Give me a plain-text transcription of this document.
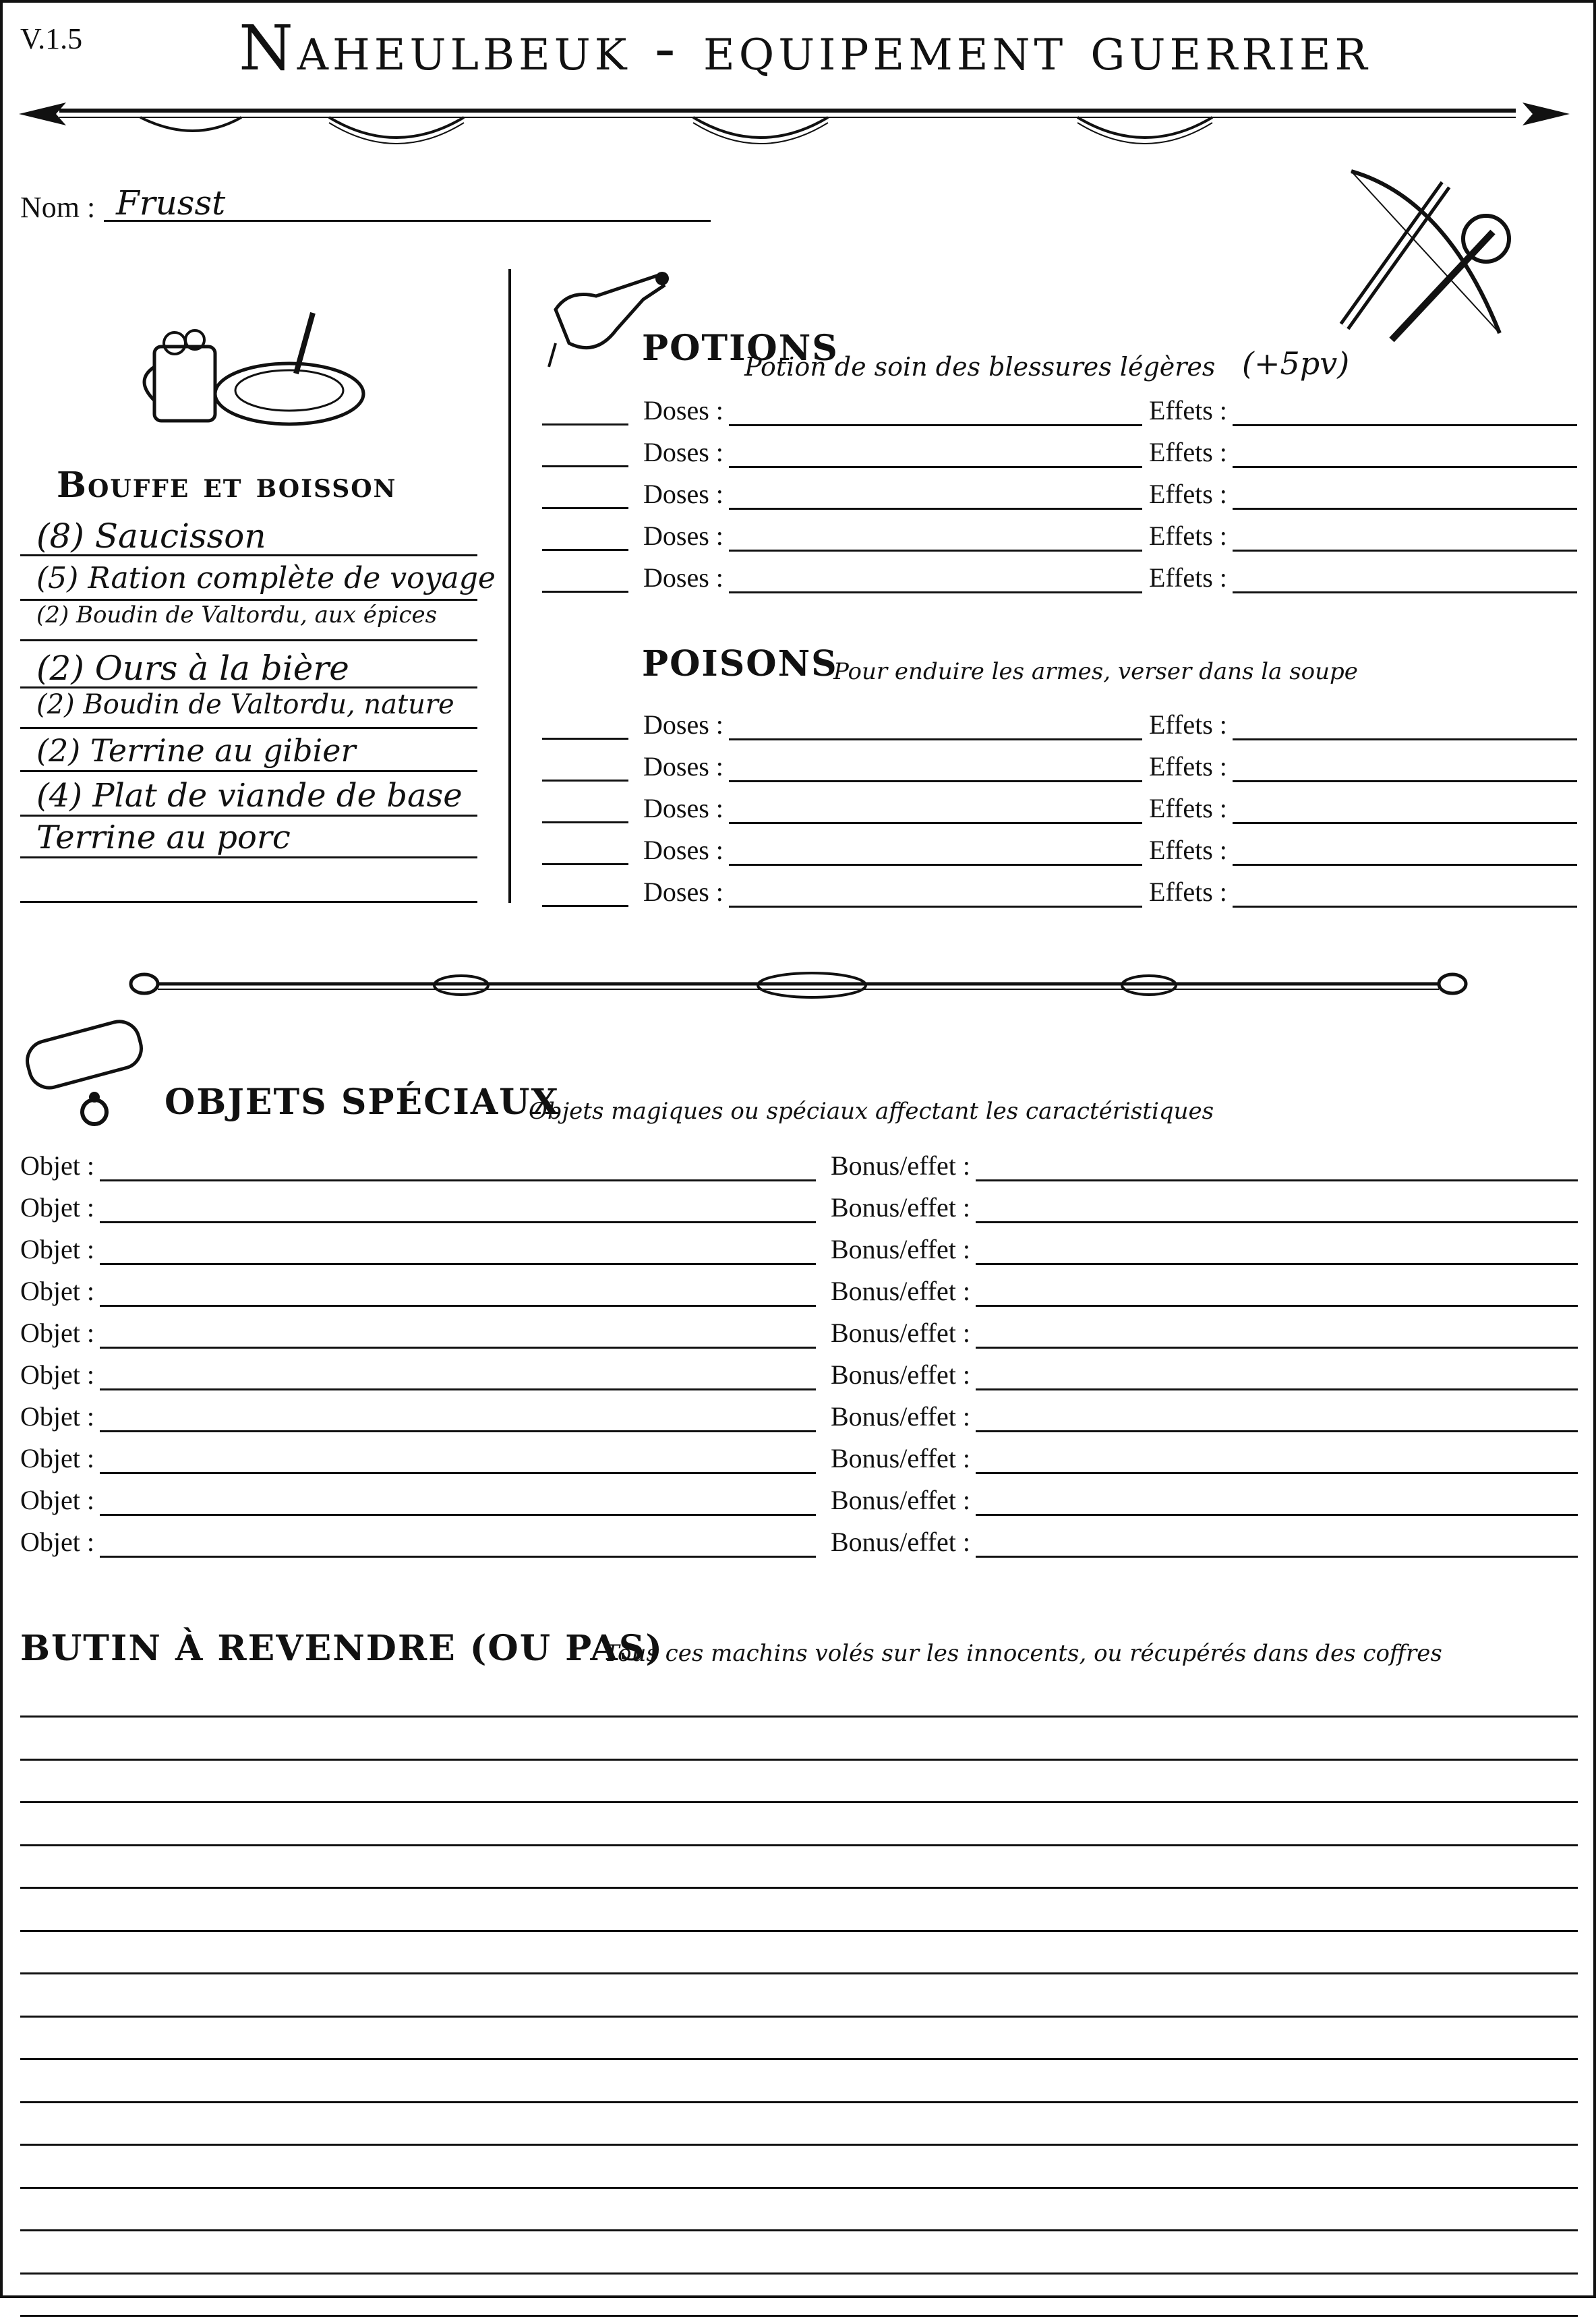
V.1.5	Naheulbeuk - equipement guerrier
Nom : Frusst
Bouffe et boisson
(8) Saucisson
(5) Ration complète de voyage
(2) Boudin de Valtordu, aux épices
(2) Ours à la bière
(2) Boudin de Valtordu, nature
(2) Terrine au gibier
(4) Plat de viande de base
Terrine au porc
POTIONS
Potion de soin des blessures légères (+5pv)
Doses :	Effets :
Doses :	Effets :
Doses :	Effets :
Doses :	Effets :
Doses :	Effets :
POISONS
Pour enduire les armes, verser dans la soupe
Doses :	Effets :
Doses :	Effets :
Doses :	Effets :
Doses :	Effets :
Doses :	Effets :
OBJETS SPÉCIAUX
Objets magiques ou spéciaux affectant les caractéristiques
Objet :	Bonus/effet :
Objet :	Bonus/effet :
Objet :	Bonus/effet :
Objet :	Bonus/effet :
Objet :	Bonus/effet :
Objet :	Bonus/effet :
Objet :	Bonus/effet :
Objet :	Bonus/effet :
Objet :	Bonus/effet :
Objet :	Bonus/effet :
BUTIN À REVENDRE (OU PAS)
Tous ces machins volés sur les innocents, ou récupérés dans des coffres
